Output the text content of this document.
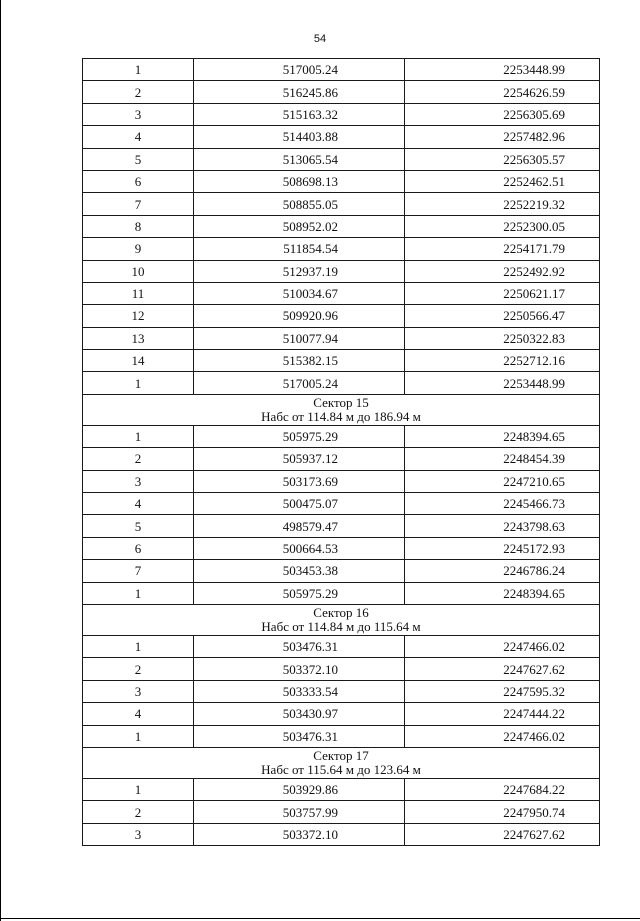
54
1	517005.24	2253448.99
2	516245.86	2254626.59
3	515163.32	2256305.69
4	514403.88	2257482.96
5	513065.54	2256305.57
6	508698.13	2252462.51
7	508855.05	2252219.32
8	508952.02	2252300.05
9	511854.54	2254171.79
10	512937.19	2252492.92
11	510034.67	2250621.17
12	509920.96	2250566.47
13	510077.94	2250322.83
14	515382.15	2252712.16
1	517005.24	2253448.99

Сектор 15
Набс от 114.84 м до 186.94 м		

1	505975.29	2248394.65
2	505937.12	2248454.39
3	503173.69	2247210.65
4	500475.07	2245466.73
5	498579.47	2243798.63
6	500664.53	2245172.93
7	503453.38	2246786.24
1	505975.29	2248394.65

Сектор 16
Набс от 114.84 м до 115.64 м		

1	503476.31	2247466.02
2	503372.10	2247627.62
3	503333.54	2247595.32
4	503430.97	2247444.22
1	503476.31	2247466.02

Сектор 17
Набс от 115.64 м до 123.64 м		

1	503929.86	2247684.22
2	503757.99	2247950.74
3	503372.10	2247627.62
